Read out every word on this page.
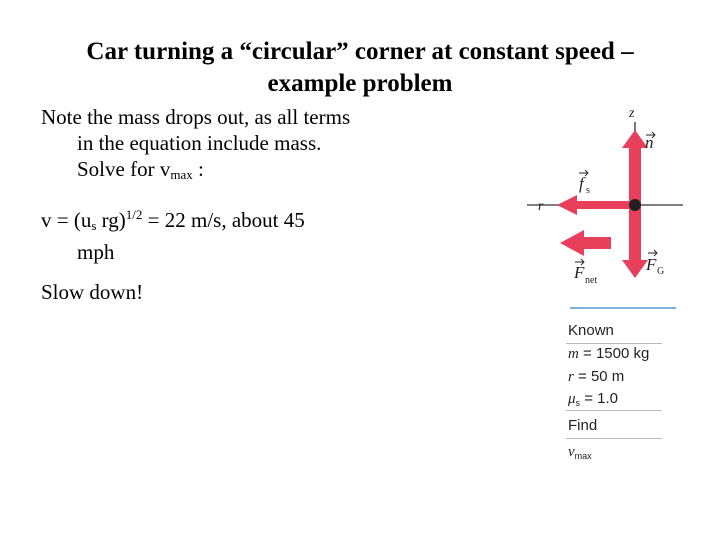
Car turning a “circular” corner at constant speed –
example problem

Note the mass drops out, as all terms
in the equation include mass.
Solve for $v_{max}$ :

$v = (u_s$ rg)$^{1/2}$ = 22 m/s, about 45
mph

Slow down!

z
r
n
f s
F G
F net
Known
m = 1500 kg
r = 50 m
$\mu_s = 1.0$
Find
$v_{max}$
